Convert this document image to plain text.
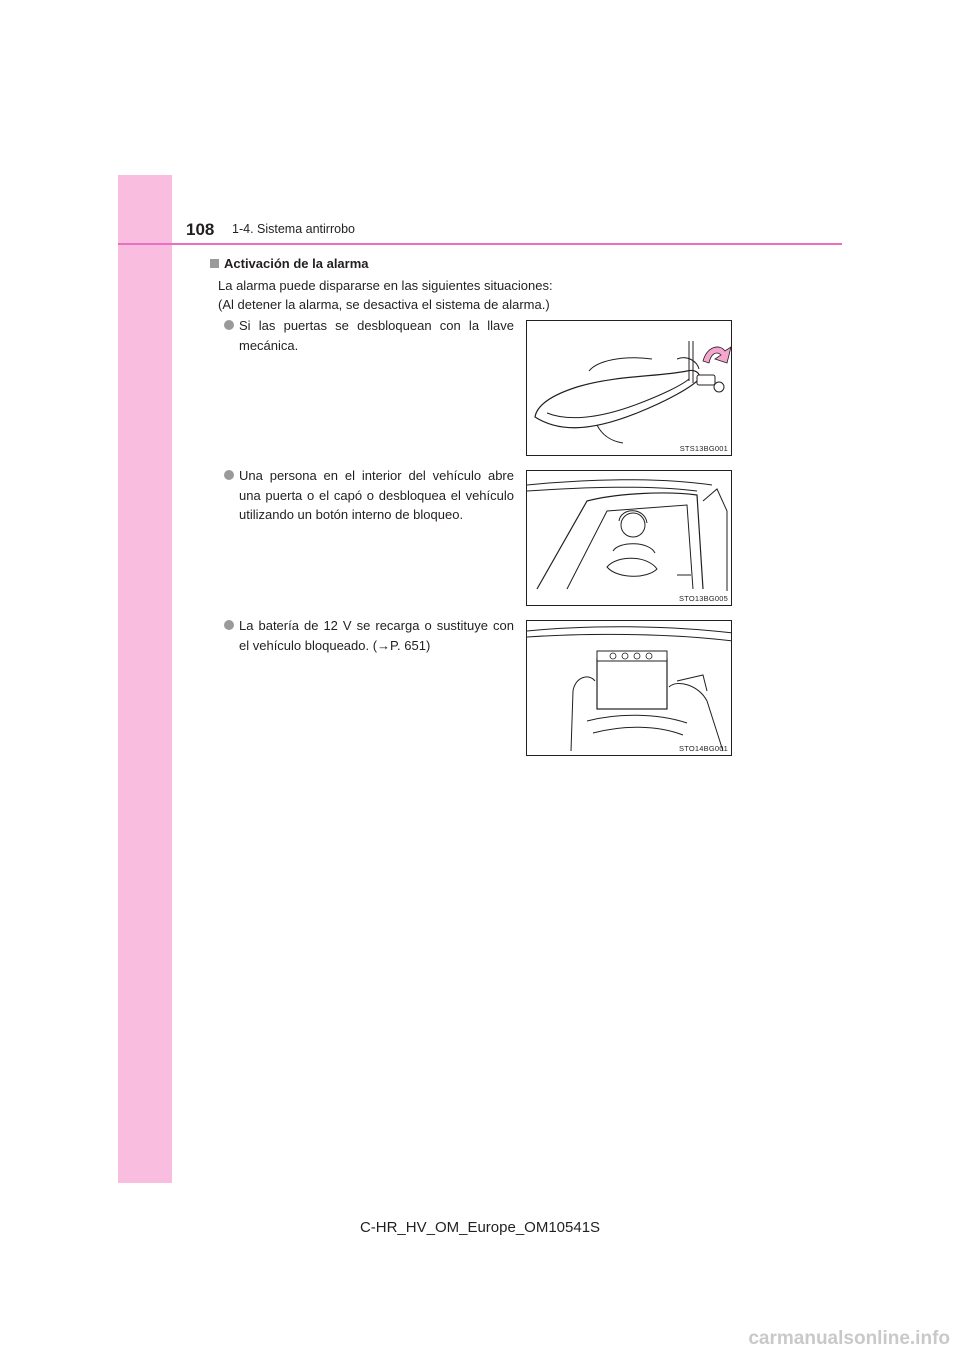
108 1-4. Sistema antirrobo
Activación de la alarma

La alarma puede dispararse en las siguientes situaciones:

(Al detener la alarma, se desactiva el sistema de alarma.)

Si las puertas se desbloquean con la llave mecánica.
STS13BG001
Una persona en el interior del vehículo abre una puerta o el capó o desbloquea el vehículo utilizando un botón interno de bloqueo.
STO13BG005
La batería de 12 V se recarga o sustituye con el vehículo bloqueado. (→P. 651)
STO14BG001
C-HR_HV_OM_Europe_OM10541S
carmanualsonline.info
